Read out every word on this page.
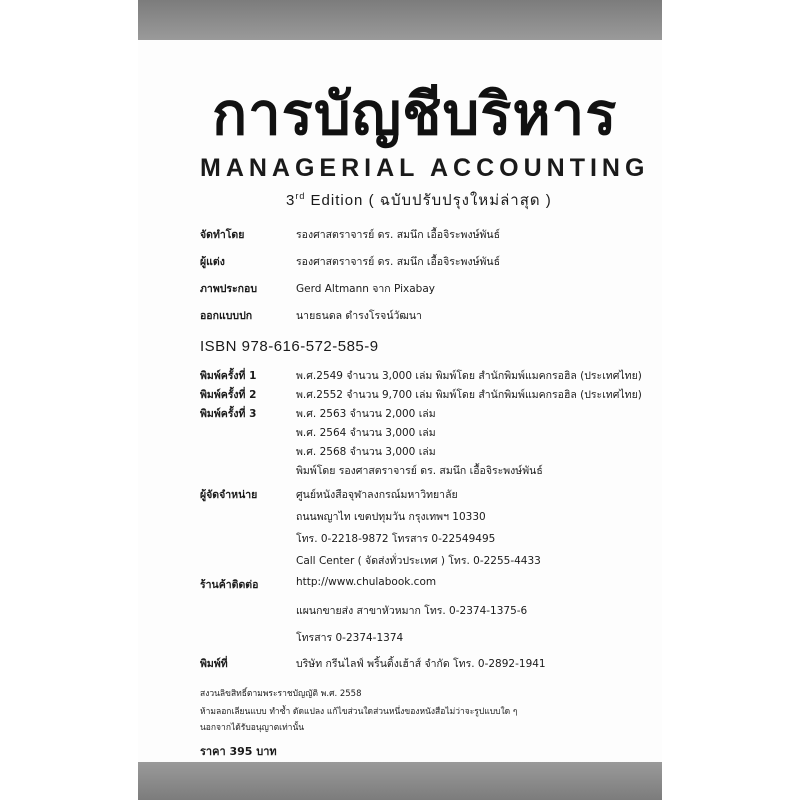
การบัญชีบริหาร
MANAGERIAL ACCOUNTING
3rd Edition ( ฉบับปรับปรุงใหม่ล่าสุด )
จัดทำโดย	รองศาสตราจารย์ ดร. สมนึก เอื้อจิระพงษ์พันธ์
ผู้แต่ง	รองศาสตราจารย์ ดร. สมนึก เอื้อจิระพงษ์พันธ์
ภาพประกอบ	Gerd Altmann จาก Pixabay
ออกแบบปก	นายธนดล ดำรงโรจน์วัฒนา
ISBN 978-616-572-585-9
พิมพ์ครั้งที่ 1	พ.ศ.2549 จำนวน 3,000 เล่ม พิมพ์โดย สำนักพิมพ์แมคกรอฮิล (ประเทศไทย)
พิมพ์ครั้งที่ 2	พ.ศ.2552 จำนวน 9,700 เล่ม พิมพ์โดย สำนักพิมพ์แมคกรอฮิล (ประเทศไทย)
พิมพ์ครั้งที่ 3	พ.ศ. 2563 จำนวน 2,000 เล่ม
พ.ศ. 2564 จำนวน 3,000 เล่ม
พ.ศ. 2568 จำนวน 3,000 เล่ม
พิมพ์โดย รองศาสตราจารย์ ดร. สมนึก เอื้อจิระพงษ์พันธ์
ผู้จัดจำหน่าย	ศูนย์หนังสือจุฬาลงกรณ์มหาวิทยาลัย
ถนนพญาไท เขตปทุมวัน กรุงเทพฯ 10330
โทร. 0-2218-9872 โทรสาร 0-22549495
Call Center ( จัดส่งทั่วประเทศ ) โทร. 0-2255-4433
ร้านค้าติดต่อ	http://www.chulabook.com
แผนกขายส่ง สาขาหัวหมาก โทร. 0-2374-1375-6
โทรสาร 0-2374-1374
พิมพ์ที่	บริษัท กรีนไลฟ์ พริ้นติ้งเฮ้าส์ จำกัด โทร. 0-2892-1941
สงวนลิขสิทธิ์ตามพระราชบัญญัติ พ.ศ. 2558
ห้ามลอกเลียนแบบ ทำซ้ำ ดัดแปลง แก้ไขส่วนใดส่วนหนึ่งของหนังสือไม่ว่าจะรูปแบบใด ๆ
นอกจากได้รับอนุญาตเท่านั้น
ราคา 395 บาท
